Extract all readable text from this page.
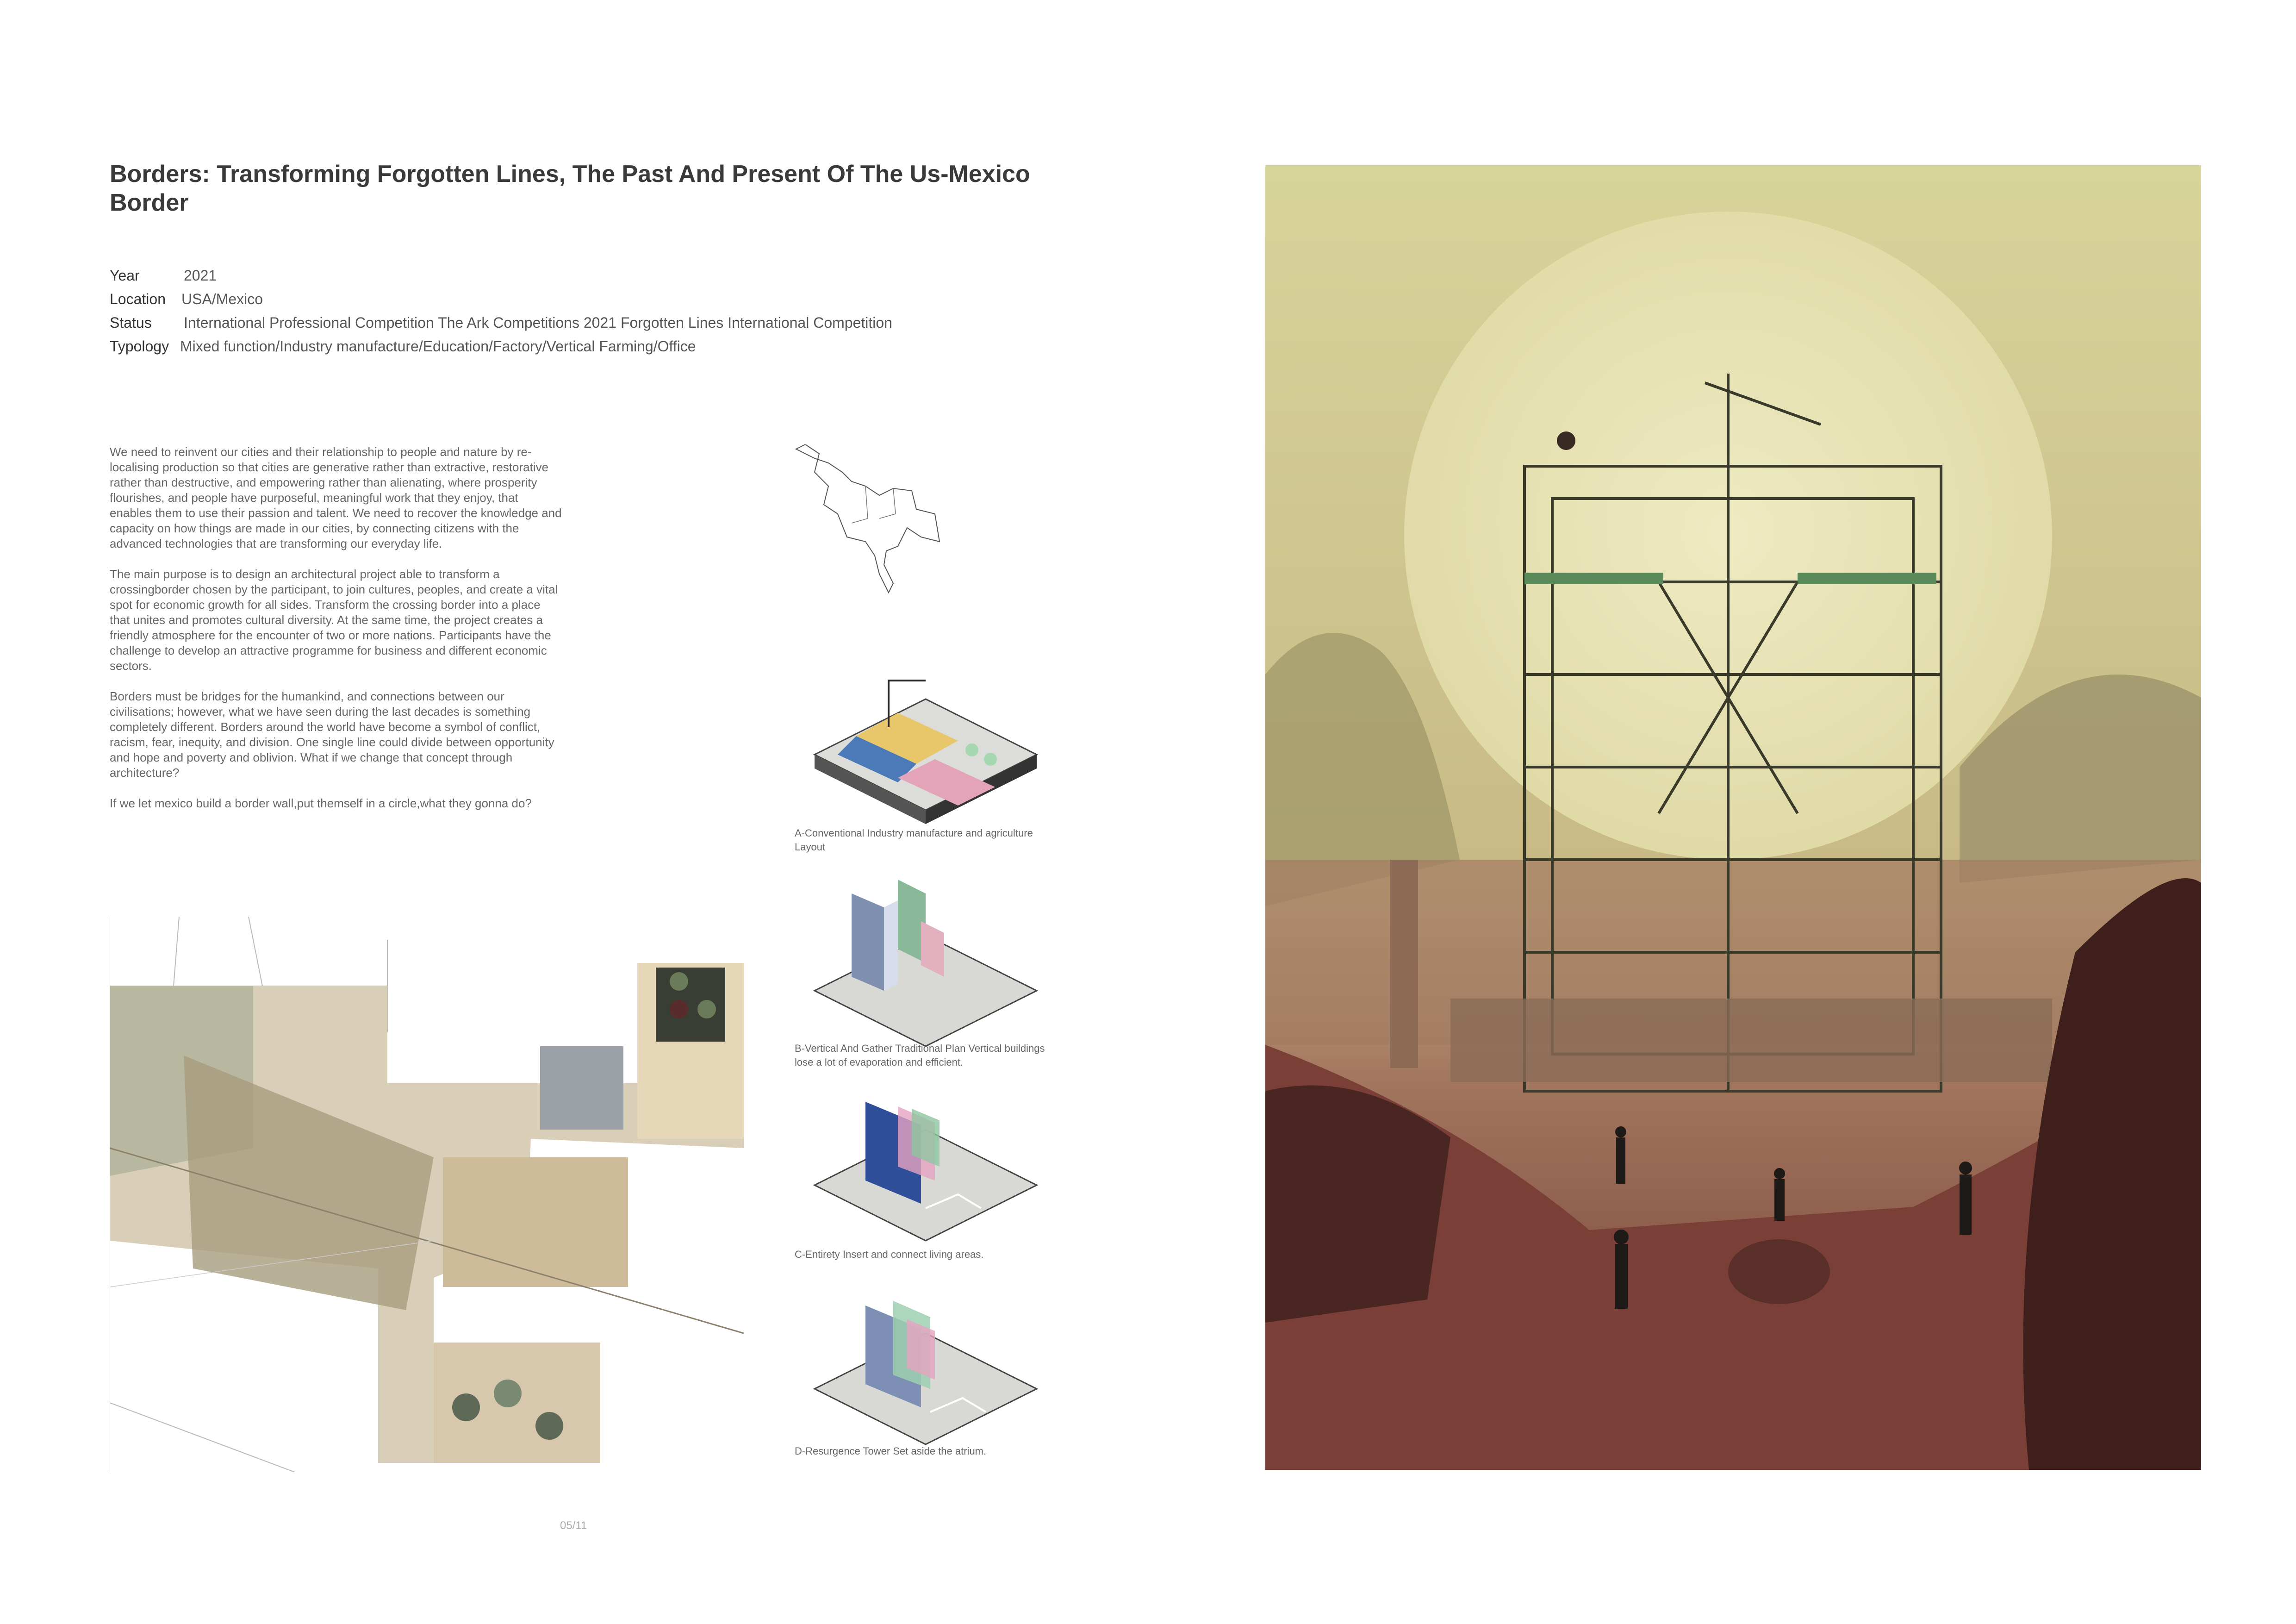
Borders: Transforming Forgotten Lines, The Past And Present Of The Us-Mexico Border
Year	2021
Location USA/Mexico
Status International Professional Competition The Ark Competitions 2021 Forgotten Lines International Competition
Typology Mixed function/Industry manufacture/Education/Factory/Vertical Farming/Office

We need to reinvent our cities and their relationship to people and nature by re-localising production so that cities are generative rather than extractive, restorative rather than destructive, and empowering rather than alienating, where prosperity flourishes, and people have purposeful, meaningful work that they enjoy, that enables them to use their passion and talent. We need to recover the knowledge and capacity on how things are made in our cities, by connecting citizens with the advanced technologies that are transforming our everyday life.

The main purpose is to design an architectural project able to transform a crossingborder chosen by the participant, to join cultures, peoples, and create a vital spot for economic growth for all sides. Transform the crossing border into a place that unites and promotes cultural diversity. At the same time, the project creates a friendly atmosphere for the encounter of two or more nations. Participants have the challenge to develop an attractive programme for business and different economic sectors.

Borders must be bridges for the humankind, and connections between our civilisations; however, what we have seen during the last decades is something completely different. Borders around the world have become a symbol of conflict, racism, fear, inequity, and division. One single line could divide between opportunity and hope and poverty and oblivion. What if we change that concept through architecture?

If we let mexico build a border wall,put themself in a circle,what they gonna do?

A-Conventional Industry manufacture and agriculture Layout
B-Vertical And Gather Traditional Plan Vertical buildings lose a lot of evaporation and efficient.
C-Entirety Insert and connect living areas.
D-Resurgence Tower Set aside the atrium.
05/11
